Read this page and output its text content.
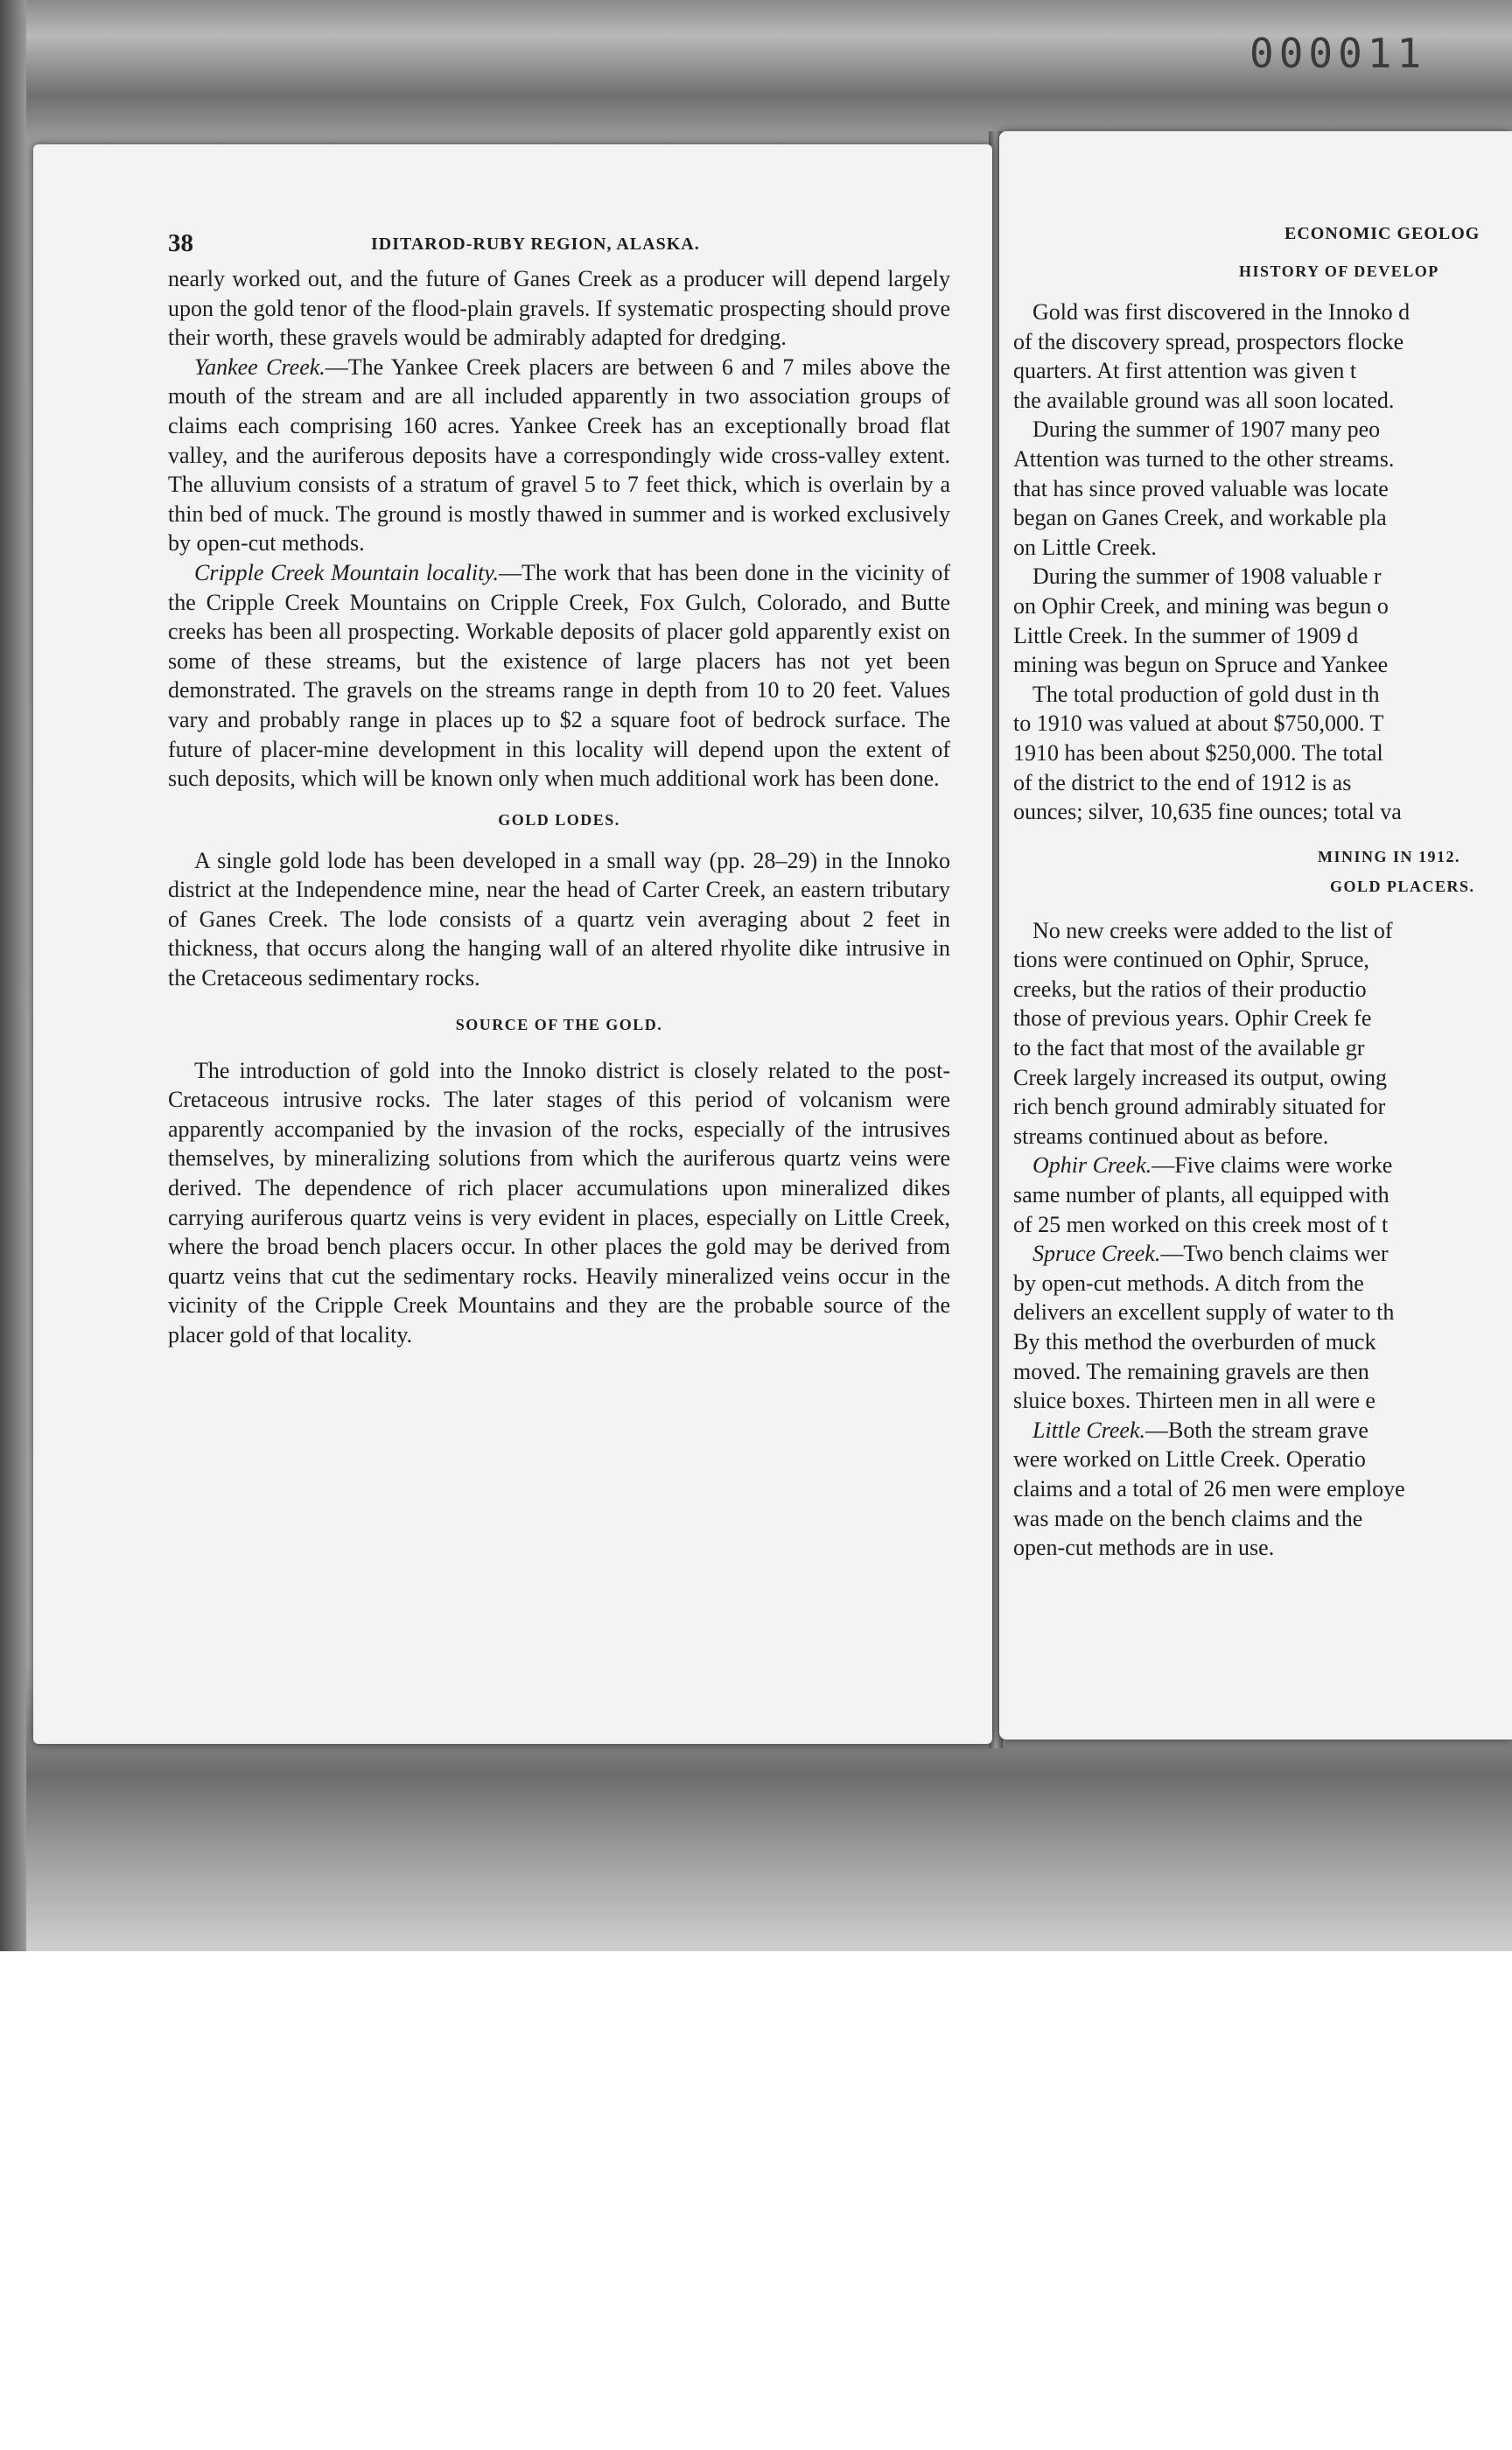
000011
38	IDITAROD-RUBY REGION, ALASKA.

nearly worked out, and the future of Ganes Creek as a producer will depend largely upon the gold tenor of the flood-plain gravels. If systematic prospecting should prove their worth, these gravels would be admirably adapted for dredging.

Yankee Creek.—The Yankee Creek placers are between 6 and 7 miles above the mouth of the stream and are all included apparently in two association groups of claims each comprising 160 acres. Yankee Creek has an exceptionally broad flat valley, and the auriferous deposits have a correspondingly wide cross-valley extent. The alluvium consists of a stratum of gravel 5 to 7 feet thick, which is overlain by a thin bed of muck. The ground is mostly thawed in summer and is worked exclusively by open-cut methods.

Cripple Creek Mountain locality.—The work that has been done in the vicinity of the Cripple Creek Mountains on Cripple Creek, Fox Gulch, Colorado, and Butte creeks has been all prospecting. Workable deposits of placer gold apparently exist on some of these streams, but the existence of large placers has not yet been demonstrated. The gravels on the streams range in depth from 10 to 20 feet. Values vary and probably range in places up to $2 a square foot of bedrock surface. The future of placer-mine development in this locality will depend upon the extent of such deposits, which will be known only when much additional work has been done.

GOLD LODES.

A single gold lode has been developed in a small way (pp. 28–29) in the Innoko district at the Independence mine, near the head of Carter Creek, an eastern tributary of Ganes Creek. The lode consists of a quartz vein averaging about 2 feet in thickness, that occurs along the hanging wall of an altered rhyolite dike intrusive in the Cretaceous sedimentary rocks.

SOURCE OF THE GOLD.

The introduction of gold into the Innoko district is closely related to the post-Cretaceous intrusive rocks. The later stages of this period of volcanism were apparently accompanied by the invasion of the rocks, especially of the intrusives themselves, by mineralizing solutions from which the auriferous quartz veins were derived. The dependence of rich placer accumulations upon mineralized dikes carrying auriferous quartz veins is very evident in places, especially on Little Creek, where the broad bench placers occur. In other places the gold may be derived from quartz veins that cut the sedimentary rocks. Heavily mineralized veins occur in the vicinity of the Cripple Creek Mountains and they are the probable source of the placer gold of that locality.

ECONOMIC GEOLOG
HISTORY OF DEVELOP

Gold was first discovered in the Innoko d

of the discovery spread, prospectors flocke

quarters. At first attention was given t

the available ground was all soon located.

During the summer of 1907 many peo

Attention was turned to the other streams.

that has since proved valuable was locate

began on Ganes Creek, and workable pla

on Little Creek.

During the summer of 1908 valuable r

on Ophir Creek, and mining was begun o

Little Creek. In the summer of 1909 d

mining was begun on Spruce and Yankee

The total production of gold dust in th

to 1910 was valued at about $750,000. T

1910 has been about $250,000. The total

of the district to the end of 1912 is as

ounces; silver, 10,635 fine ounces; total va

MINING IN 1912.
GOLD PLACERS.

No new creeks were added to the list of

tions were continued on Ophir, Spruce,

creeks, but the ratios of their productio

those of previous years. Ophir Creek fe

to the fact that most of the available gr

Creek largely increased its output, owing

rich bench ground admirably situated for

streams continued about as before.

Ophir Creek.—Five claims were worke

same number of plants, all equipped with

of 25 men worked on this creek most of t

Spruce Creek.—Two bench claims wer

by open-cut methods. A ditch from the

delivers an excellent supply of water to th

By this method the overburden of muck

moved. The remaining gravels are then

sluice boxes. Thirteen men in all were e

Little Creek.—Both the stream grave

were worked on Little Creek. Operatio

claims and a total of 26 men were employe

was made on the bench claims and the

open-cut methods are in use.
